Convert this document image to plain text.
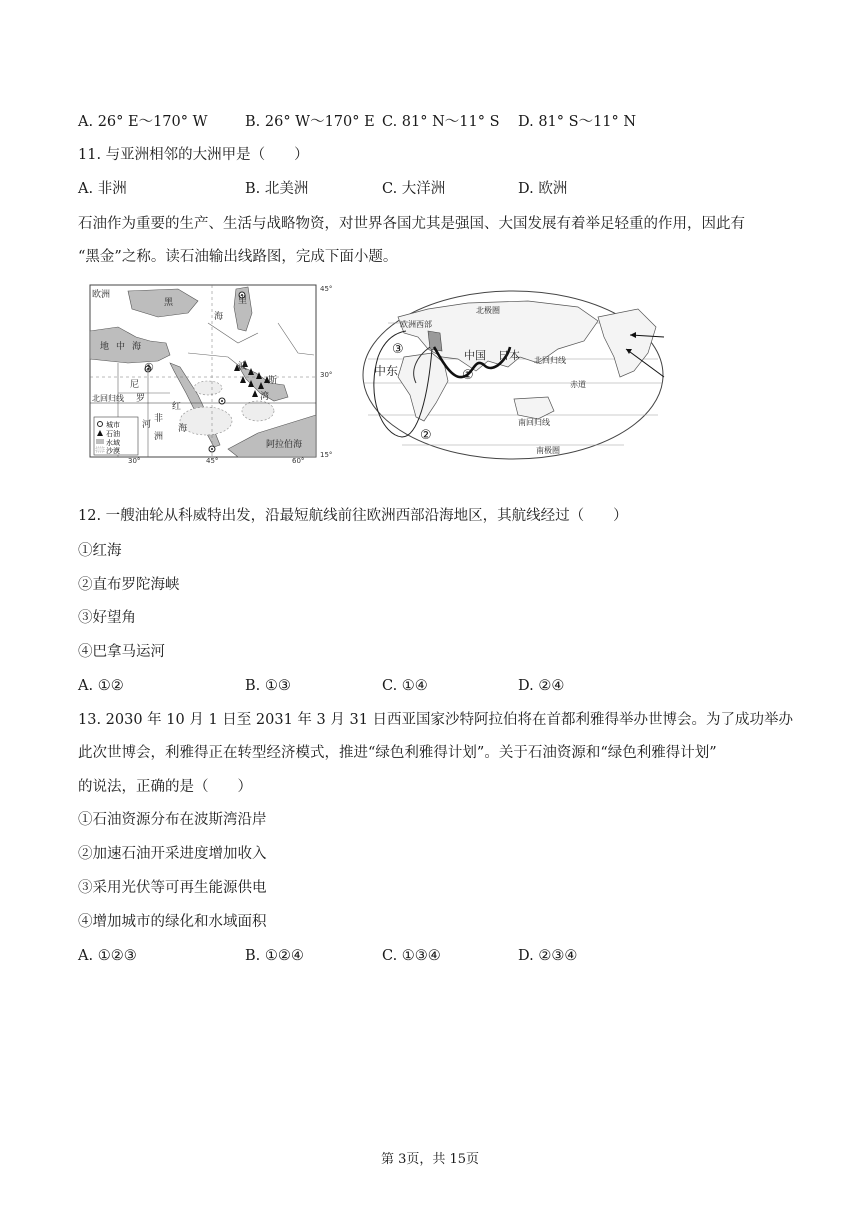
A. 26° E～170° W	B. 26° W～170° E C. 81° N～11° S D. 81° S～11° N
11. 与亚洲相邻的大洲甲是（　　）
A. 非洲	B. 北美洲	C. 大洋洲	D. 欧洲
石油作为重要的生产、生活与战略物资，对世界各国尤其是强国、大国发展有着举足轻重的作用，因此有
“黑金”之称。读石油输出线路图，完成下面小题。
欧洲
黑	里
海
地 中 海
尼
罗
河
红
海
非
洲
北回归线
阿拉伯海
波
斯
湾
①
城市
石油
水域
沙漠
45°
30°
15°
30°	45°	60°
欧洲西部
北极圈
中国 日本 北回归线
中东
赤道
南回归线
南极圈
③
①
②
12. 一艘油轮从科威特出发，沿最短航线前往欧洲西部沿海地区，其航线经过（　　）
①红海
②直布罗陀海峡
③好望角
④巴拿马运河
A. ①②	B. ①③	C. ①④	D. ②④
13. 2030 年 10 月 1 日至 2031 年 3 月 31 日西亚国家沙特阿拉伯将在首都利雅得举办世博会。为了成功举办
此次世博会，利雅得正在转型经济模式，推进“绿色利雅得计划”。关于石油资源和“绿色利雅得计划”
的说法，正确的是（　　）
①石油资源分布在波斯湾沿岸
②加速石油开采进度增加收入
③采用光伏等可再生能源供电
④增加城市的绿化和水域面积
A. ①②③	B. ①②④	C. ①③④	D. ②③④
第 3页，共 15页
